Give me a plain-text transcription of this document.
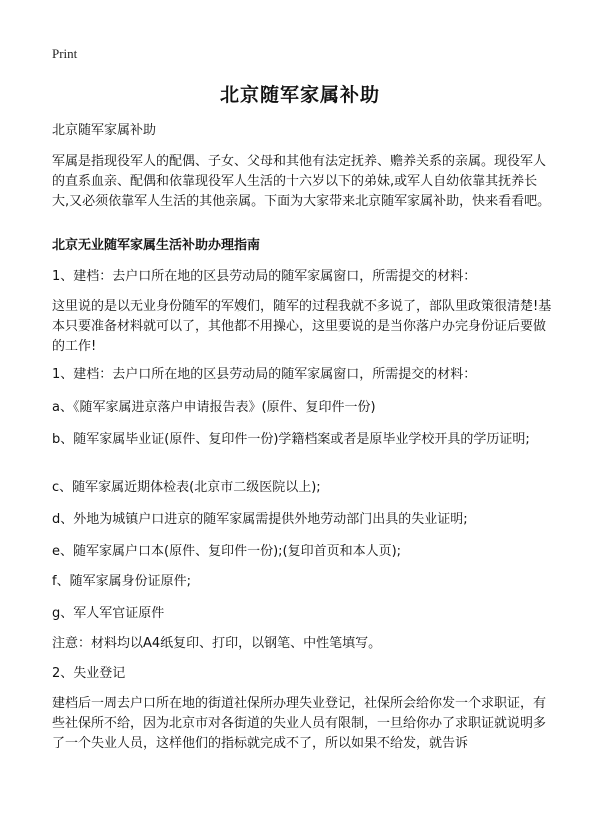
Print
北京随军家属补助
北京随军家属补助
军属是指现役军人的配偶、子女、父母和其他有法定抚养、赡养关系的亲属。现役军人的直系血亲、配偶和依靠现役军人生活的十六岁以下的弟妹,或军人自幼依靠其抚养长大,又必须依靠军人生活的其他亲属。下面为大家带来北京随军家属补助，快来看看吧。
北京无业随军家属生活补助办理指南
1、建档：去户口所在地的区县劳动局的随军家属窗口，所需提交的材料：
这里说的是以无业身份随军的军嫂们，随军的过程我就不多说了，部队里政策很清楚!基本只要准备材料就可以了，其他都不用操心，这里要说的是当你落户办完身份证后要做的工作!
1、建档：去户口所在地的区县劳动局的随军家属窗口，所需提交的材料：
a、《随军家属进京落户申请报告表》(原件、复印件一份)
b、随军家属毕业证(原件、复印件一份)学籍档案或者是原毕业学校开具的学历证明;
c、随军家属近期体检表(北京市二级医院以上);
d、外地为城镇户口进京的随军家属需提供外地劳动部门出具的失业证明;
e、随军家属户口本(原件、复印件一份);(复印首页和本人页);
f、随军家属身份证原件;
g、军人军官证原件
注意：材料均以A4纸复印、打印，以钢笔、中性笔填写。
2、失业登记
建档后一周去户口所在地的街道社保所办理失业登记，社保所会给你发一个求职证，有些社保所不给，因为北京市对各街道的失业人员有限制，一旦给你办了求职证就说明多了一个失业人员，这样他们的指标就完成不了，所以如果不给发，就告诉
